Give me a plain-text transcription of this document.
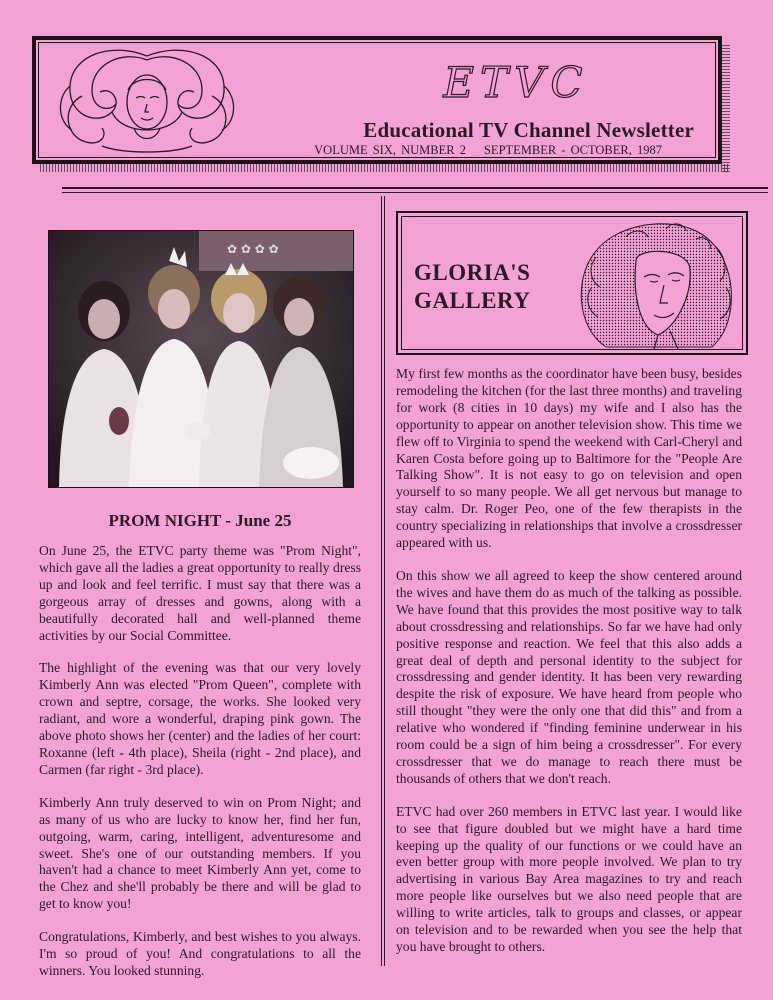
ETVC
Educational TV Channel Newsletter
VOLUME SIX, NUMBER 2 SEPTEMBER - OCTOBER, 1987
✿ ✿ ✿ ✿
PROM NIGHT - June 25

On June 25, the ETVC party theme was "Prom Night", which gave all the ladies a great opportunity to really dress up and look and feel terrific. I must say that there was a gorgeous array of dresses and gowns, along with a beautifully decorated hall and well-planned theme activities by our Social Committee.

The highlight of the evening was that our very lovely Kimberly Ann was elected "Prom Queen", complete with crown and septre, corsage, the works. She looked very radiant, and wore a wonderful, draping pink gown. The above photo shows her (center) and the ladies of her court: Roxanne (left - 4th place), Sheila (right - 2nd place), and Carmen (far right - 3rd place).

Kimberly Ann truly deserved to win on Prom Night; and as many of us who are lucky to know her, find her fun, outgoing, warm, caring, intelligent, adventuresome and sweet. She's one of our outstanding members. If you haven't had a chance to meet Kimberly Ann yet, come to the Chez and she'll probably be there and will be glad to get to know you!

Congratulations, Kimberly, and best wishes to you always. I'm so proud of you! And congratulations to all the winners. You looked stunning.

GLORIA'S
GALLERY

My first few months as the coordinator have been busy, besides remodeling the kitchen (for the last three months) and traveling for work (8 cities in 10 days) my wife and I also has the opportunity to appear on another television show. This time we flew off to Virginia to spend the weekend with Carl-Cheryl and Karen Costa before going up to Baltimore for the "People Are Talking Show". It is not easy to go on television and open yourself to so many people. We all get nervous but manage to stay calm. Dr. Roger Peo, one of the few therapists in the country specializing in relationships that involve a crossdresser appeared with us.

On this show we all agreed to keep the show centered around the wives and have them do as much of the talking as possible. We have found that this provides the most positive way to talk about crossdressing and relationships. So far we have had only positive response and reaction. We feel that this also adds a great deal of depth and personal identity to the subject for crossdressing and gender identity. It has been very rewarding despite the risk of exposure. We have heard from people who still thought "they were the only one that did this" and from a relative who wondered if "finding feminine underwear in his room could be a sign of him being a crossdresser". For every crossdresser that we do manage to reach there must be thousands of others that we don't reach.

ETVC had over 260 members in ETVC last year. I would like to see that figure doubled but we might have a hard time keeping up the quality of our functions or we could have an even better group with more people involved. We plan to try advertising in various Bay Area magazines to try and reach more people like ourselves but we also need people that are willing to write articles, talk to groups and classes, or appear on television and to be rewarded when you see the help that you have brought to others.
